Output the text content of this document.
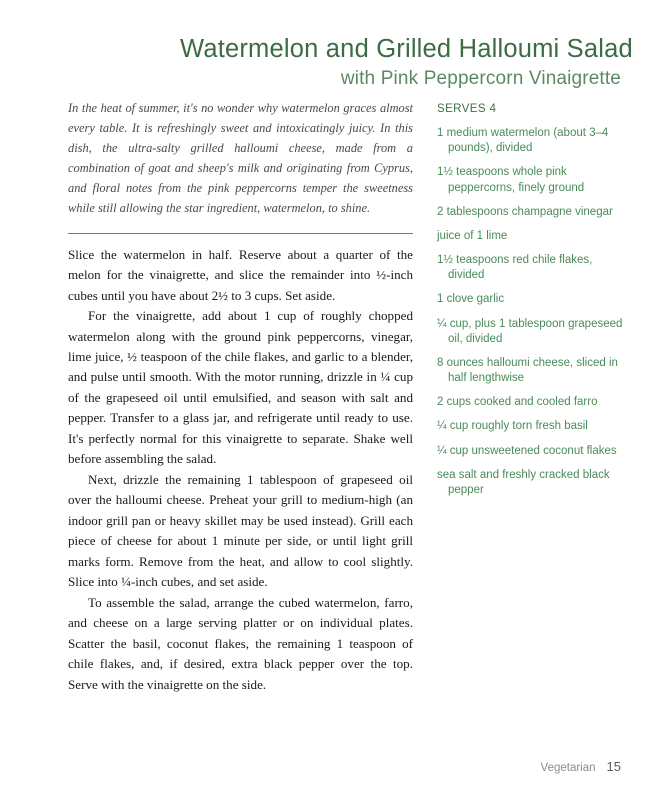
Watermelon and Grilled Halloumi Salad
with Pink Peppercorn Vinaigrette

In the heat of summer, it's no wonder why watermelon graces almost every table. It is refreshingly sweet and intoxicatingly juicy. In this dish, the ultra-salty grilled halloumi cheese, made from a combination of goat and sheep's milk and originating from Cyprus, and floral notes from the pink peppercorns temper the sweetness while still allowing the star ingredient, watermelon, to shine.

Slice the watermelon in half. Reserve about a quarter of the melon for the vinaigrette, and slice the remainder into ½-inch cubes until you have about 2½ to 3 cups. Set aside.

For the vinaigrette, add about 1 cup of roughly chopped watermelon along with the ground pink peppercorns, vinegar, lime juice, ½ teaspoon of the chile flakes, and garlic to a blender, and pulse until smooth. With the motor running, drizzle in ¼ cup of the grapeseed oil until emulsified, and season with salt and pepper. Transfer to a glass jar, and refrigerate until ready to use. It's perfectly normal for this vinaigrette to separate. Shake well before assembling the salad.

Next, drizzle the remaining 1 tablespoon of grapeseed oil over the halloumi cheese. Preheat your grill to medium-high (an indoor grill pan or heavy skillet may be used instead). Grill each piece of cheese for about 1 minute per side, or until light grill marks form. Remove from the heat, and allow to cool slightly. Slice into ¼-inch cubes, and set aside.

To assemble the salad, arrange the cubed watermelon, farro, and cheese on a large serving platter or on individual plates. Scatter the basil, coconut flakes, the remaining 1 teaspoon of chile flakes, and, if desired, extra black pepper over the top. Serve with the vinaigrette on the side.

SERVES 4
1 medium watermelon (about 3–4 pounds), divided
1½ teaspoons whole pink peppercorns, finely ground
2 tablespoons champagne vinegar
juice of 1 lime
1½ teaspoons red chile flakes, divided
1 clove garlic
¼ cup, plus 1 tablespoon grapeseed oil, divided
8 ounces halloumi cheese, sliced in half lengthwise
2 cups cooked and cooled farro
¼ cup roughly torn fresh basil
¼ cup unsweetened coconut flakes
sea salt and freshly cracked black pepper
Vegetarian 15
